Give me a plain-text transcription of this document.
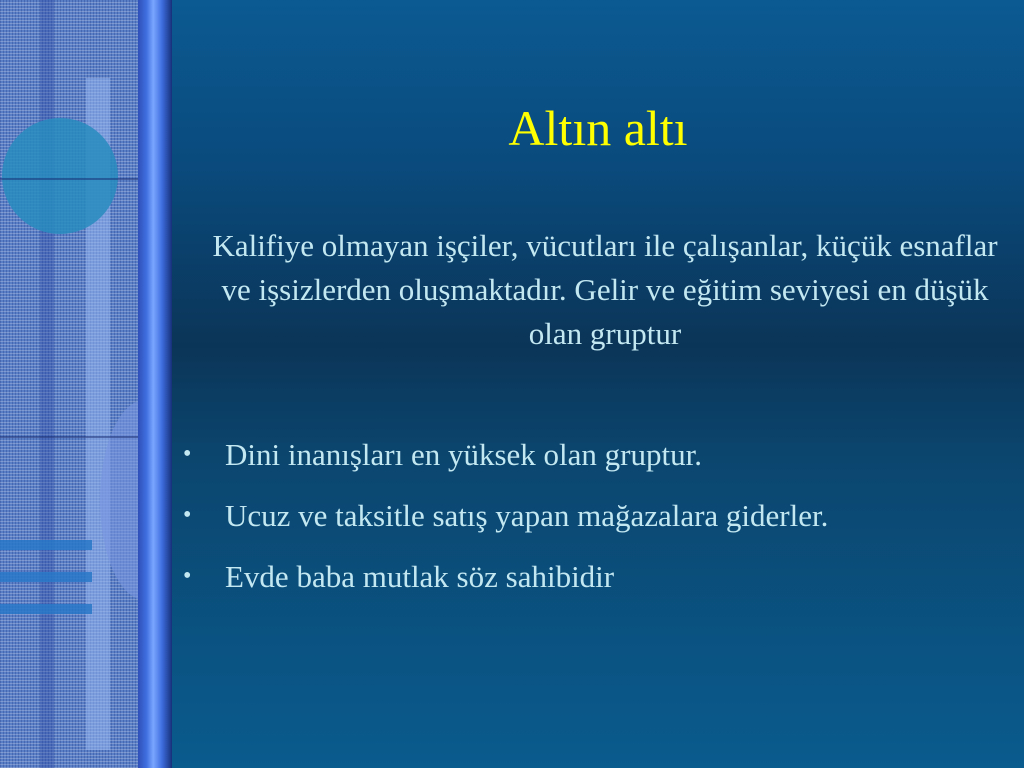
Altın altı

Kalifiye olmayan işçiler, vücutları ile çalışanlar, küçük esnaflar ve işsizlerden oluşmaktadır. Gelir ve eğitim seviyesi en düşük olan gruptur

• Dini inanışları en yüksek olan gruptur.
• Ucuz ve taksitle satış yapan mağazalara giderler.
• Evde baba mutlak söz sahibidir
